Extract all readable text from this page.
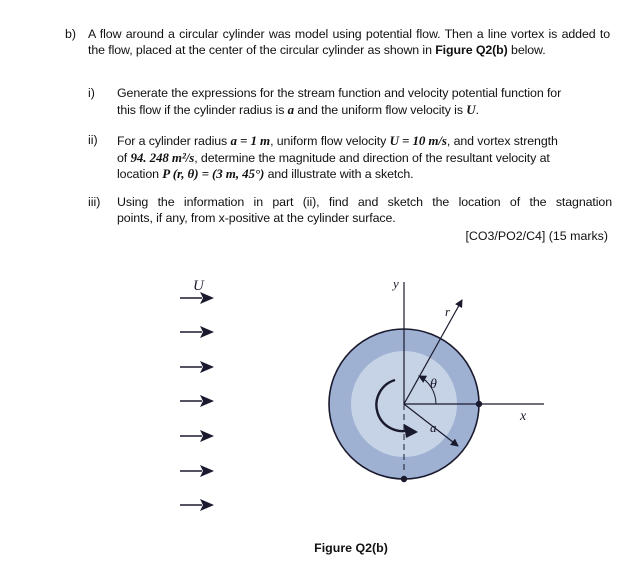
b) A flow around a circular cylinder was model using potential flow. Then a line vortex is added to the flow, placed at the center of the circular cylinder as shown in Figure Q2(b) below.
i) Generate the expressions for the stream function and velocity potential function for
this flow if the cylinder radius is a and the uniform flow velocity is U.
ii) For a cylinder radius a = 1 m, uniform flow velocity U = 10 m/s, and vortex strength
of 94. 248 m²/s, determine the magnitude and direction of the resultant velocity at
location P (r, θ) = (3 m, 45°) and illustrate with a sketch.
iii) Using the information in part (ii), find and sketch the location of the stagnation
points, if any, from x-positive at the cylinder surface.
[CO3/PO2/C4] (15 marks)
U	y
x
r
θ
a
Figure Q2(b)
